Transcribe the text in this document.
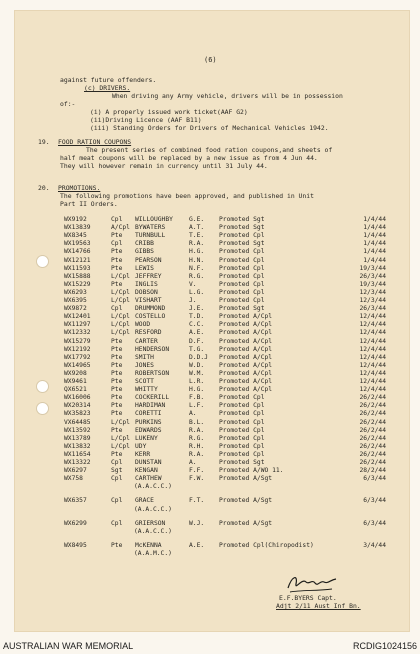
(6)
against future offenders.
(c) DRIVERS.
When driving any Army vehicle, drivers will be in possession
of:-
(i) A properly issued work ticket(AAF G2)
(ii)Driving Licence (AAF B11)
(iii) Standing Orders for Drivers of Mechanical Vehicles 1942.
19. FOOD RATION COUPONS
The present series of combined food ration coupons,and sheets of
half meat coupons will be replaced by a new issue as from 4 Jun 44.
They will however remain in currency until 31 July 44.
20. PROMOTIONS.
The following promotions have been approved, and published in Unit
Part II Orders.
WX9192	Cpl WILLOUGHBY	G.E. Promoted Sgt	1/4/44
WX13839	A/Cpl BYWATERS	A.T. Promoted Sgt	1/4/44
WX8345	Pte TURNBULL	T.E. Promoted Cpl	1/4/44
WX19563	Cpl CRIBB	R.A. Promoted Sgt	1/4/44
WX14766	Pte GIBBS	H.G. Promoted Cpl	1/4/44
WX12121	Pte PEARSON	H.N. Promoted Cpl	1/4/44
WX11593	Pte LEWIS	N.F. Promoted Cpl	19/3/44
WX15888	L/Cpl JEFFREY	R.G. Promoted Cpl	26/3/44
WX15229	Pte INGLIS	V.	Promoted Cpl	19/3/44
WX6293	L/Cpl DOBSON	L.G. Promoted Cpl	12/3/44
WX6395	L/Cpl VISHART	J.	Promoted Cpl	12/3/44
WX9872	Cpl DRUMMOND	J.E. Promoted Sgt	26/3/44
WX12401	L/Cpl COSTELLO	T.D. Promoted A/Cpl	12/4/44
WX11297	L/Cpl WOOD	C.C. Promoted A/Cpl	12/4/44
WX12332	L/Cpl RESFORD	A.E. Promoted A/Cpl	12/4/44
WX15279	Pte CARTER	D.F. Promoted A/Cpl	12/4/44
WX12192	Pte HENDERSON	T.G. Promoted A/Cpl	12/4/44
WX17792	Pte SMITH	D.D.J Promoted A/Cpl	12/4/44
WX14965	Pte JONES	W.D. Promoted A/Cpl	12/4/44
WX9208	Pte ROBERTSON	W.M. Promoted A/Cpl	12/4/44
WX9461	Pte SCOTT	L.R. Promoted A/Cpl	12/4/44
QX6521	Pte WHITTY	H.G. Promoted A/Cpl	12/4/44
WX16006	Pte COCKERILL	F.B. Promoted Cpl	26/2/44
WX20314	Pte HARDIMAN	L.F. Promoted Cpl	26/2/44
WX35823	Pte CORETTI	A.	Promoted Cpl	26/2/44
VX64485	L/Cpl PURKINS	B.L. Promoted Cpl	26/2/44
WX13592	Pte EDWARDS	R.A. Promoted Cpl	26/2/44
WX13789	L/Cpl LUKENY	R.G. Promoted Cpl	26/2/44
WX13832	L/Cpl UDY	R.H. Promoted Cpl	26/2/44
WX11654	Pte KERR	R.A. Promoted Cpl	26/2/44
WX13322	Cpl DUNSTAN	A.	Promoted Sgt	26/2/44
WX6297	Sgt KENGAN	F.F. Promoted A/WO 11.	28/2/44
WX758	Cpl CARTHEW	F.W. Promoted A/Sgt	6/3/44
(A.A.C.C.)
WX6357	Cpl GRACE	F.T. Promoted A/Sgt	6/3/44
(A.A.C.C.)
WX6299	Cpl GRIERSON	W.J. Promoted A/Sgt	6/3/44
(A.A.C.C.)
WX8495	Pte McKENNA	A.E. Promoted Cpl(Chiropodist)	3/4/44
(A.A.M.C.)
E.F.BYERS Capt.
Adjt 2/11 Aust Inf Bn.
AUSTRALIAN WAR MEMORIAL	RCDIG1024156
